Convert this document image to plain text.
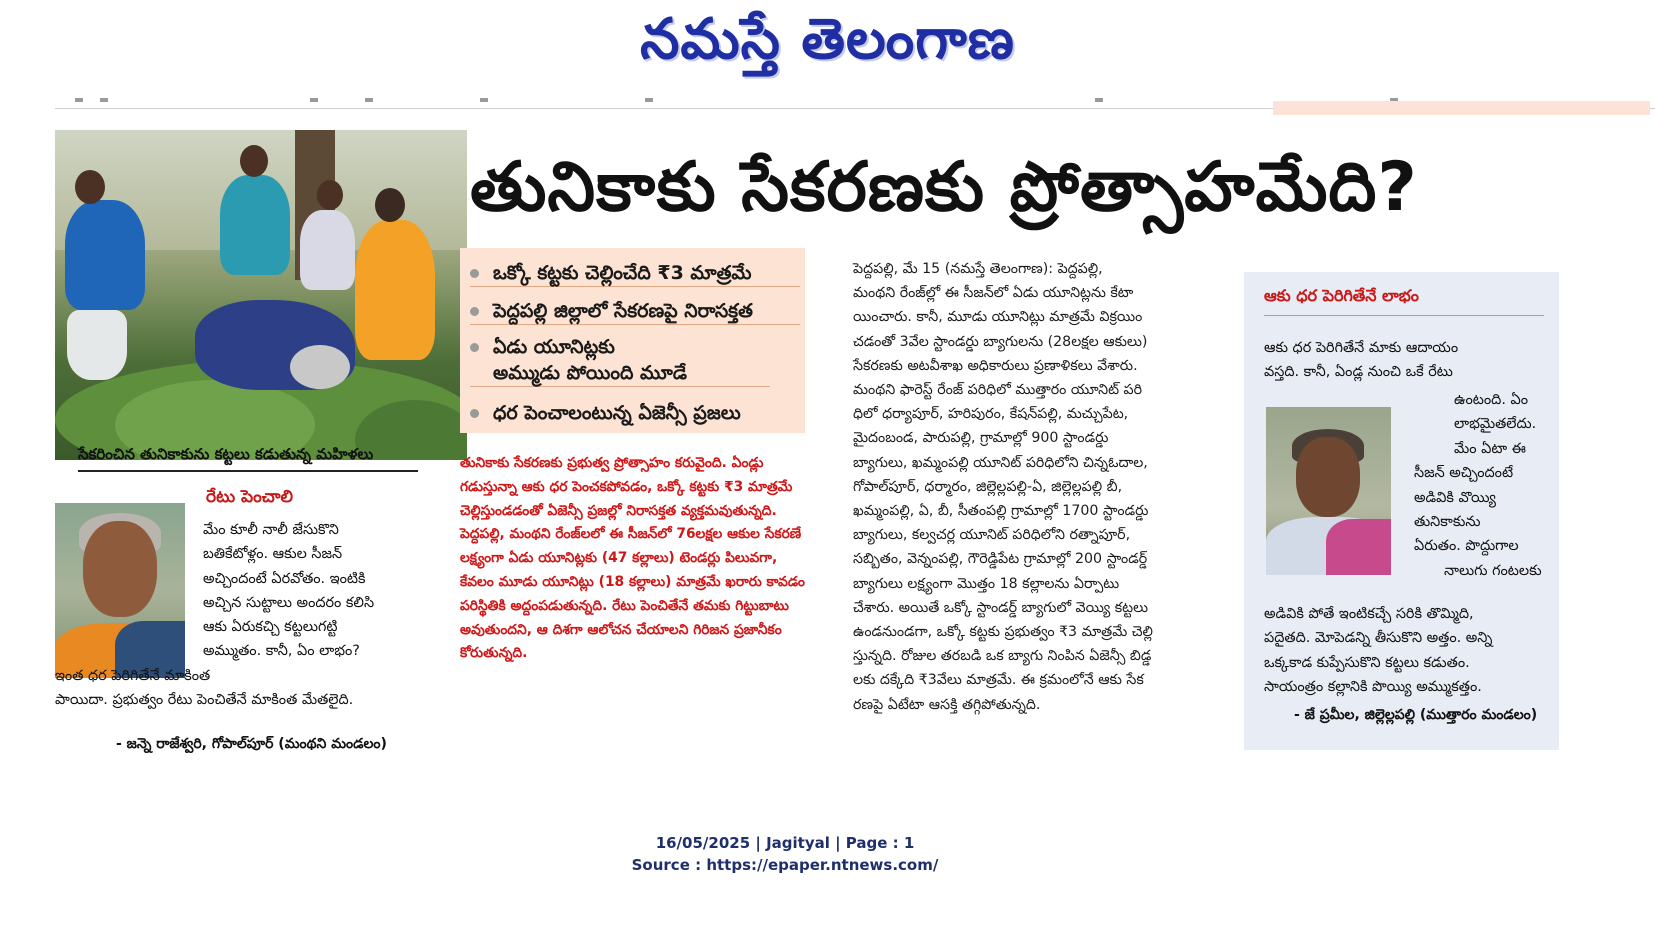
నమస్తే తెలంగాణ
తునికాకు సేకరణకు ప్రోత్సాహమేది?
సేకరించిన తునికాకును కట్టలు కడుతున్న మహిళలు
ఒక్కో కట్టకు చెల్లించేది ₹3 మాత్రమే
పెద్దపల్లి జిల్లాలో సేకరణపై నిరాసక్తత
ఏడు యూనిట్లకు
అమ్ముడు పోయింది మూడే
ధర పెంచాలంటున్న ఏజెన్సీ ప్రజలు

తునికాకు సేకరణకు ప్రభుత్వ ప్రోత్సాహం కరువైంది. ఏండ్లు గడుస్తున్నా ఆకు ధర పెంచకపోవడం, ఒక్కో కట్టకు ₹3 మాత్రమే చెల్లిస్తుండడంతో ఏజెన్సీ ప్రజల్లో నిరాసక్తత వ్యక్తమవుతున్నది. పెద్దపల్లి, మంథని రేంజ్‌లలో ఈ సీజన్‌లో 76లక్షల ఆకుల సేకరణే లక్ష్యంగా ఏడు యూనిట్లకు (47 కల్లాలు) టెండర్లు పిలువగా, కేవలం మూడు యూనిట్లు (18 కల్లాలు) మాత్రమే ఖరారు కావడం పరిస్థితికి అద్దంపడుతున్నది. రేటు పెంచితేనే తమకు గిట్టుబాటు అవుతుందని, ఆ దిశగా ఆలోచన చేయాలని గిరిజన ప్రజానీకం కోరుతున్నది.

రేటు పెంచాలి

మేం కూలీ నాలీ జేసుకొని
బతికేటోళ్లం. ఆకుల సీజన్
అచ్చిందంటే ఏరవోతం. ఇంటికి
అచ్చిన సుట్టాలు అందరం కలిసి
ఆకు ఏరుకచ్చి కట్టలుగట్టి
అమ్ముతం. కానీ, ఏం లాభం?
ఇంత ధర పెరిగితేనే మాకింత
పాయిదా. ప్రభుత్వం రేటు పెంచితేనే మాకింత మేతలైది.

- జన్నె రాజేశ్వరి, గోపాల్‌పూర్ (మంథని మండలం)

పెద్దపల్లి, మే 15 (నమస్తే తెలంగాణ): పెద్దపల్లి,
మంథని రేంజ్‌ల్లో ఈ సీజన్‌లో ఏడు యూనిట్లను కేటా
యించారు. కానీ, మూడు యూనిట్లు మాత్రమే విక్రయిం
చడంతో 3వేల స్టాండర్డు బ్యాగులను (28లక్షల ఆకులు)
సేకరణకు అటవీశాఖ అధికారులు ప్రణాళికలు వేశారు.
మంథని ఫారెస్ట్ రేంజ్ పరిధిలో ముత్తారం యూనిట్ పరి
ధిలో ధర్యాపూర్, హరిపురం, కేషన్‌పల్లి, మచ్చుపేట,
మైదంబండ, పారుపల్లి, గ్రామాల్లో 900 స్టాండర్డు
బ్యాగులు, ఖమ్మంపల్లి యూనిట్ పరిధిలోని చిన్నఓదాల,
గోపాల్‌పూర్, ధర్మారం, జిల్లెల్లపల్లి-ఏ, జిల్లెల్లపల్లి బీ,
ఖమ్మంపల్లి, ఏ, బీ, సీతంపల్లి గ్రామాల్లో 1700 స్టాండర్డు
బ్యాగులు, కల్వచర్ల యూనిట్ పరిధిలోని రత్నాపూర్,
సబ్బితం, వెన్నంపల్లి, గౌరెడ్డిపేట గ్రామాల్లో 200 స్టాండర్డ్
బ్యాగులు లక్ష్యంగా మొత్తం 18 కల్లాలను ఏర్పాటు
చేశారు. అయితే ఒక్కో స్టాండర్డ్ బ్యాగులో వెయ్యి కట్టలు
ఉండనుండగా, ఒక్కో కట్టకు ప్రభుత్వం ₹3 మాత్రమే చెల్లి
స్తున్నది. రోజుల తరబడి ఒక బ్యాగు నింపిన ఏజెన్సీ బిడ్డ
లకు దక్కేది ₹3వేలు మాత్రమే. ఈ క్రమంలోనే ఆకు సేక
రణపై ఏటేటా ఆసక్తి తగ్గిపోతున్నది.

ఆకు ధర పెరిగితేనే లాభం

ఆకు ధర పెరిగితేనే మాకు ఆదాయం
వస్తది. కానీ, ఏండ్ల నుంచి ఒకే రేటు

ఉంటంది. ఏం
లాభమైతలేదు.
మేం ఏటా ఈ
సీజన్ అచ్చిందంటే
అడివికి వొయ్యి
తునికాకును
ఏరుతం. పొద్దుగాల
నాలుగు గంటలకు

అడివికి పోతే ఇంటికచ్చే సరికి తొమ్మిది,
పదైతది. మోపెడన్ని తీసుకొని అత్తం. అన్ని
ఒక్కకాడ కుప్పేసుకొని కట్టలు కడుతం.
సాయంత్రం కల్లానికి పొయ్యి అమ్ముకత్తం.

- జే ప్రమీల, జిల్లెల్లపల్లి (ముత్తారం మండలం)
16/05/2025 | Jagityal | Page : 1
Source : https://epaper.ntnews.com/
